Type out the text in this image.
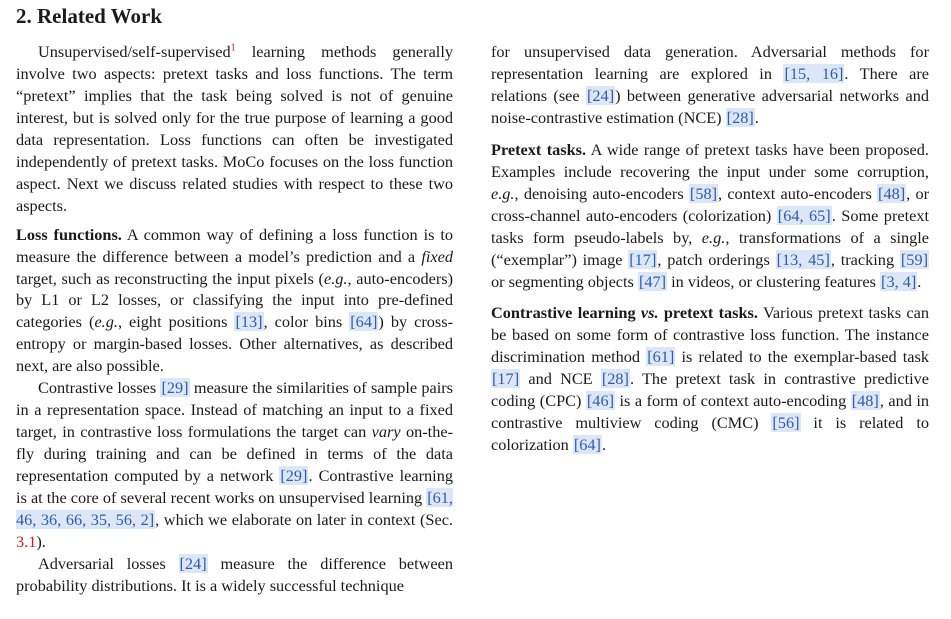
2. Related Work

Unsupervised/self-supervised$^1$ learning methods generally involve two aspects: pretext tasks and loss functions. The term “pretext” implies that the task being solved is not of genuine interest, but is solved only for the true purpose of learning a good data representation. Loss functions can often be investigated independently of pretext tasks. MoCo focuses on the loss function aspect. Next we discuss related studies with respect to these two aspects.

Loss functions. A common way of defining a loss function is to measure the difference between a model’s prediction and a fixed target, such as reconstructing the input pixels (e.g., auto-encoders) by L1 or L2 losses, or classifying the input into pre-defined categories (e.g., eight positions [13], color bins [64]) by cross-entropy or margin-based losses. Other alternatives, as described next, are also possible.

Contrastive losses [29] measure the similarities of sample pairs in a representation space. Instead of matching an input to a fixed target, in contrastive loss formulations the target can vary on-the-fly during training and can be defined in terms of the data representation computed by a network [29]. Contrastive learning is at the core of several recent works on unsupervised learning [61, 46, 36, 66, 35, 56, 2], which we elaborate on later in context (Sec. 3.1).

Adversarial losses [24] measure the difference between probability distributions. It is a widely successful technique

for unsupervised data generation. Adversarial methods for representation learning are explored in [15, 16]. There are relations (see [24]) between generative adversarial networks and noise-contrastive estimation (NCE) [28].

Pretext tasks. A wide range of pretext tasks have been proposed. Examples include recovering the input under some corruption, e.g., denoising auto-encoders [58], context auto-encoders [48], or cross-channel auto-encoders (colorization) [64, 65]. Some pretext tasks form pseudo-labels by, e.g., transformations of a single (“exemplar”) image [17], patch orderings [13, 45], tracking [59] or segmenting objects [47] in videos, or clustering features [3, 4].

Contrastive learning vs. pretext tasks. Various pretext tasks can be based on some form of contrastive loss function. The instance discrimination method [61] is related to the exemplar-based task [17] and NCE [28]. The pretext task in contrastive predictive coding (CPC) [46] is a form of context auto-encoding [48], and in contrastive multiview coding (CMC) [56] it is related to colorization [64].
